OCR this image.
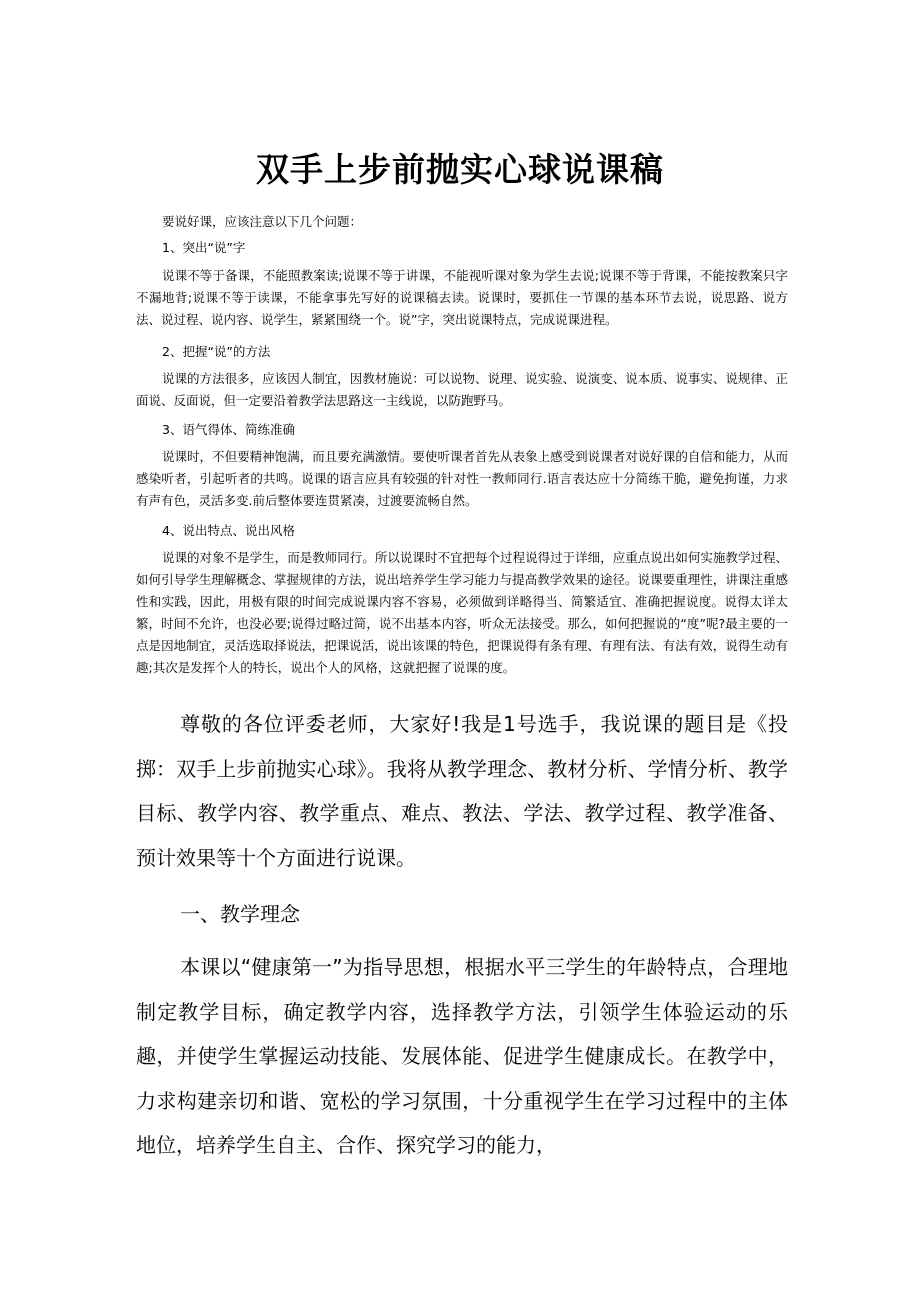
双手上步前抛实心球说课稿

要说好课，应该注意以下几个问题：

1、突出“说”字

说课不等于备课，不能照教案读;说课不等于讲课，不能视听课对象为学生去说;说课不等于背课，不能按教案只字不漏地背;说课不等于读课，不能拿事先写好的说课稿去读。说课时，要抓住一节课的基本环节去说，说思路、说方法、说过程、说内容、说学生，紧紧围绕一个。说”字，突出说课特点，完成说课进程。

2、把握“说”的方法

说课的方法很多，应该因人制宜，因教材施说：可以说物、说理、说实验、说演变、说本质、说事实、说规律、正面说、反面说，但一定要沿着教学法思路这一主线说，以防跑野马。

3、语气得体、简练准确

说课时，不但要精神饱满，而且要充满激情。要使听课者首先从表象上感受到说课者对说好课的自信和能力，从而感染听者，引起听者的共鸣。说课的语言应具有较强的针对性一教师同行.语言表达应十分简练干脆，避免拘谨，力求有声有色，灵活多变.前后整体要连贯紧凑，过渡要流畅自然。

4、说出特点、说出风格

说课的对象不是学生，而是教师同行。所以说课时不宜把每个过程说得过于详细，应重点说出如何实施教学过程、如何引导学生理解概念、掌握规律的方法，说出培养学生学习能力与提高教学效果的途径。说课要重理性，讲课注重感性和实践，因此，用极有限的时间完成说课内容不容易，必须做到详略得当、简繁适宜、准确把握说度。说得太详太繁，时间不允许，也没必要;说得过略过简，说不出基本内容，听众无法接受。那么，如何把握说的“度”呢?最主要的一点是因地制宜，灵活选取择说法，把课说活，说出该课的特色，把课说得有条有理、有理有法、有法有效，说得生动有趣;其次是发挥个人的特长，说出个人的风格，这就把握了说课的度。

尊敬的各位评委老师，大家好!我是1号选手，我说课的题目是《投掷：双手上步前抛实心球》。我将从教学理念、教材分析、学情分析、教学目标、教学内容、教学重点、难点、教法、学法、教学过程、教学准备、预计效果等十个方面进行说课。

一、教学理念

本课以“健康第一”为指导思想，根据水平三学生的年龄特点，合理地制定教学目标，确定教学内容，选择教学方法，引领学生体验运动的乐趣，并使学生掌握运动技能、发展体能、促进学生健康成长。在教学中，力求构建亲切和谐、宽松的学习氛围，十分重视学生在学习过程中的主体地位，培养学生自主、合作、探究学习的能力，
